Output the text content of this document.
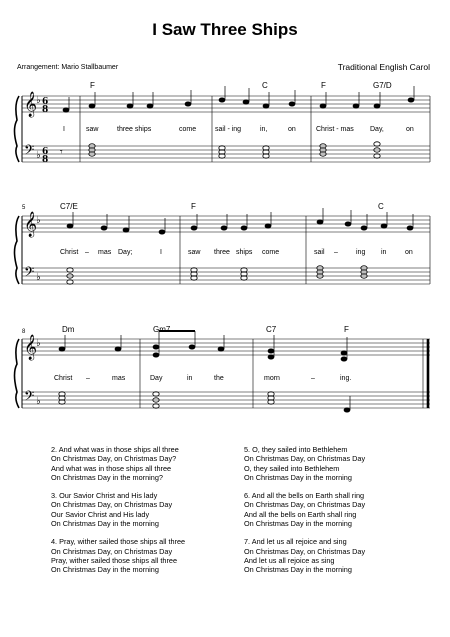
I Saw Three Ships
Arrangement: Mario Stallbaumer	Traditional English Carol
𝄞
𝄢
♭
♭
6
8
6
8
𝄾
F	C	F	G7/D
I	saw	three ships	come	sail - ing	in,	on	Christ - mas Day,	on
5
𝄞
𝄢
♭
♭
C7/E	F	C
Christ – mas Day;	I	saw three ships come	sail –	ing in	on
8
𝄞
𝄢
♭
♭
Dm	Gm7	C7	F
Christ –	mas	Day	in	the	morn	–	ing.
2. And what was in those ships all three
On Christmas Day, on Christmas Day?
And what was in those ships all three
On Christmas Day in the morning?
3. Our Savior Christ and His lady
On Christmas Day, on Christmas Day
Our Savior Christ and His lady
On Christmas Day in the morning
4. Pray, wither sailed those ships all three
On Christmas Day, on Christmas Day
Pray, wither sailed those ships all three
On Christmas Day in the morning
5. O, they sailed into Bethlehem
On Christmas Day, on Christmas Day
O, they sailed into Bethlehem
On Christmas Day in the morning
6. And all the bells on Earth shall ring
On Christmas Day, on Christmas Day
And all the bells on Earth shall ring
On Christmas Day in the morning
7. And let us all rejoice and sing
On Christmas Day, on Christmas Day
And let us all rejoice as sing
On Christmas Day in the morning
